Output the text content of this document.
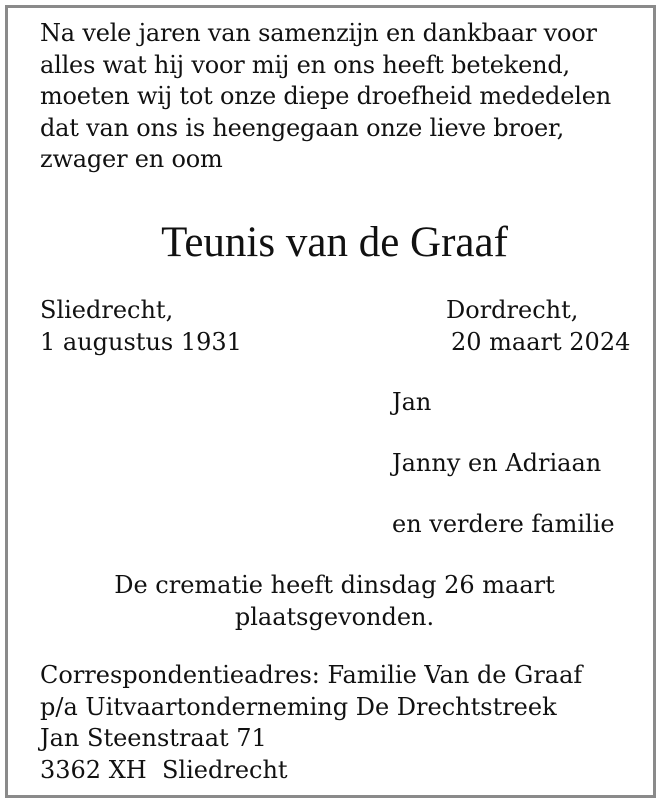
Na vele jaren van samenzijn en dankbaar voor
alles wat hij voor mij en ons heeft betekend,
moeten wij tot onze diepe droefheid mededelen
dat van ons is heengegaan onze lieve broer,
zwager en oom
Teunis van de Graaf
Sliedrecht,
1 augustus 1931
Dordrecht,
20 maart 2024
Jan
Janny en Adriaan
en verdere familie
De crematie heeft dinsdag 26 maart
plaatsgevonden.
Correspondentieadres: Familie Van de Graaf
p/a Uitvaartonderneming De Drechtstreek
Jan Steenstraat 71
3362 XH  Sliedrecht
